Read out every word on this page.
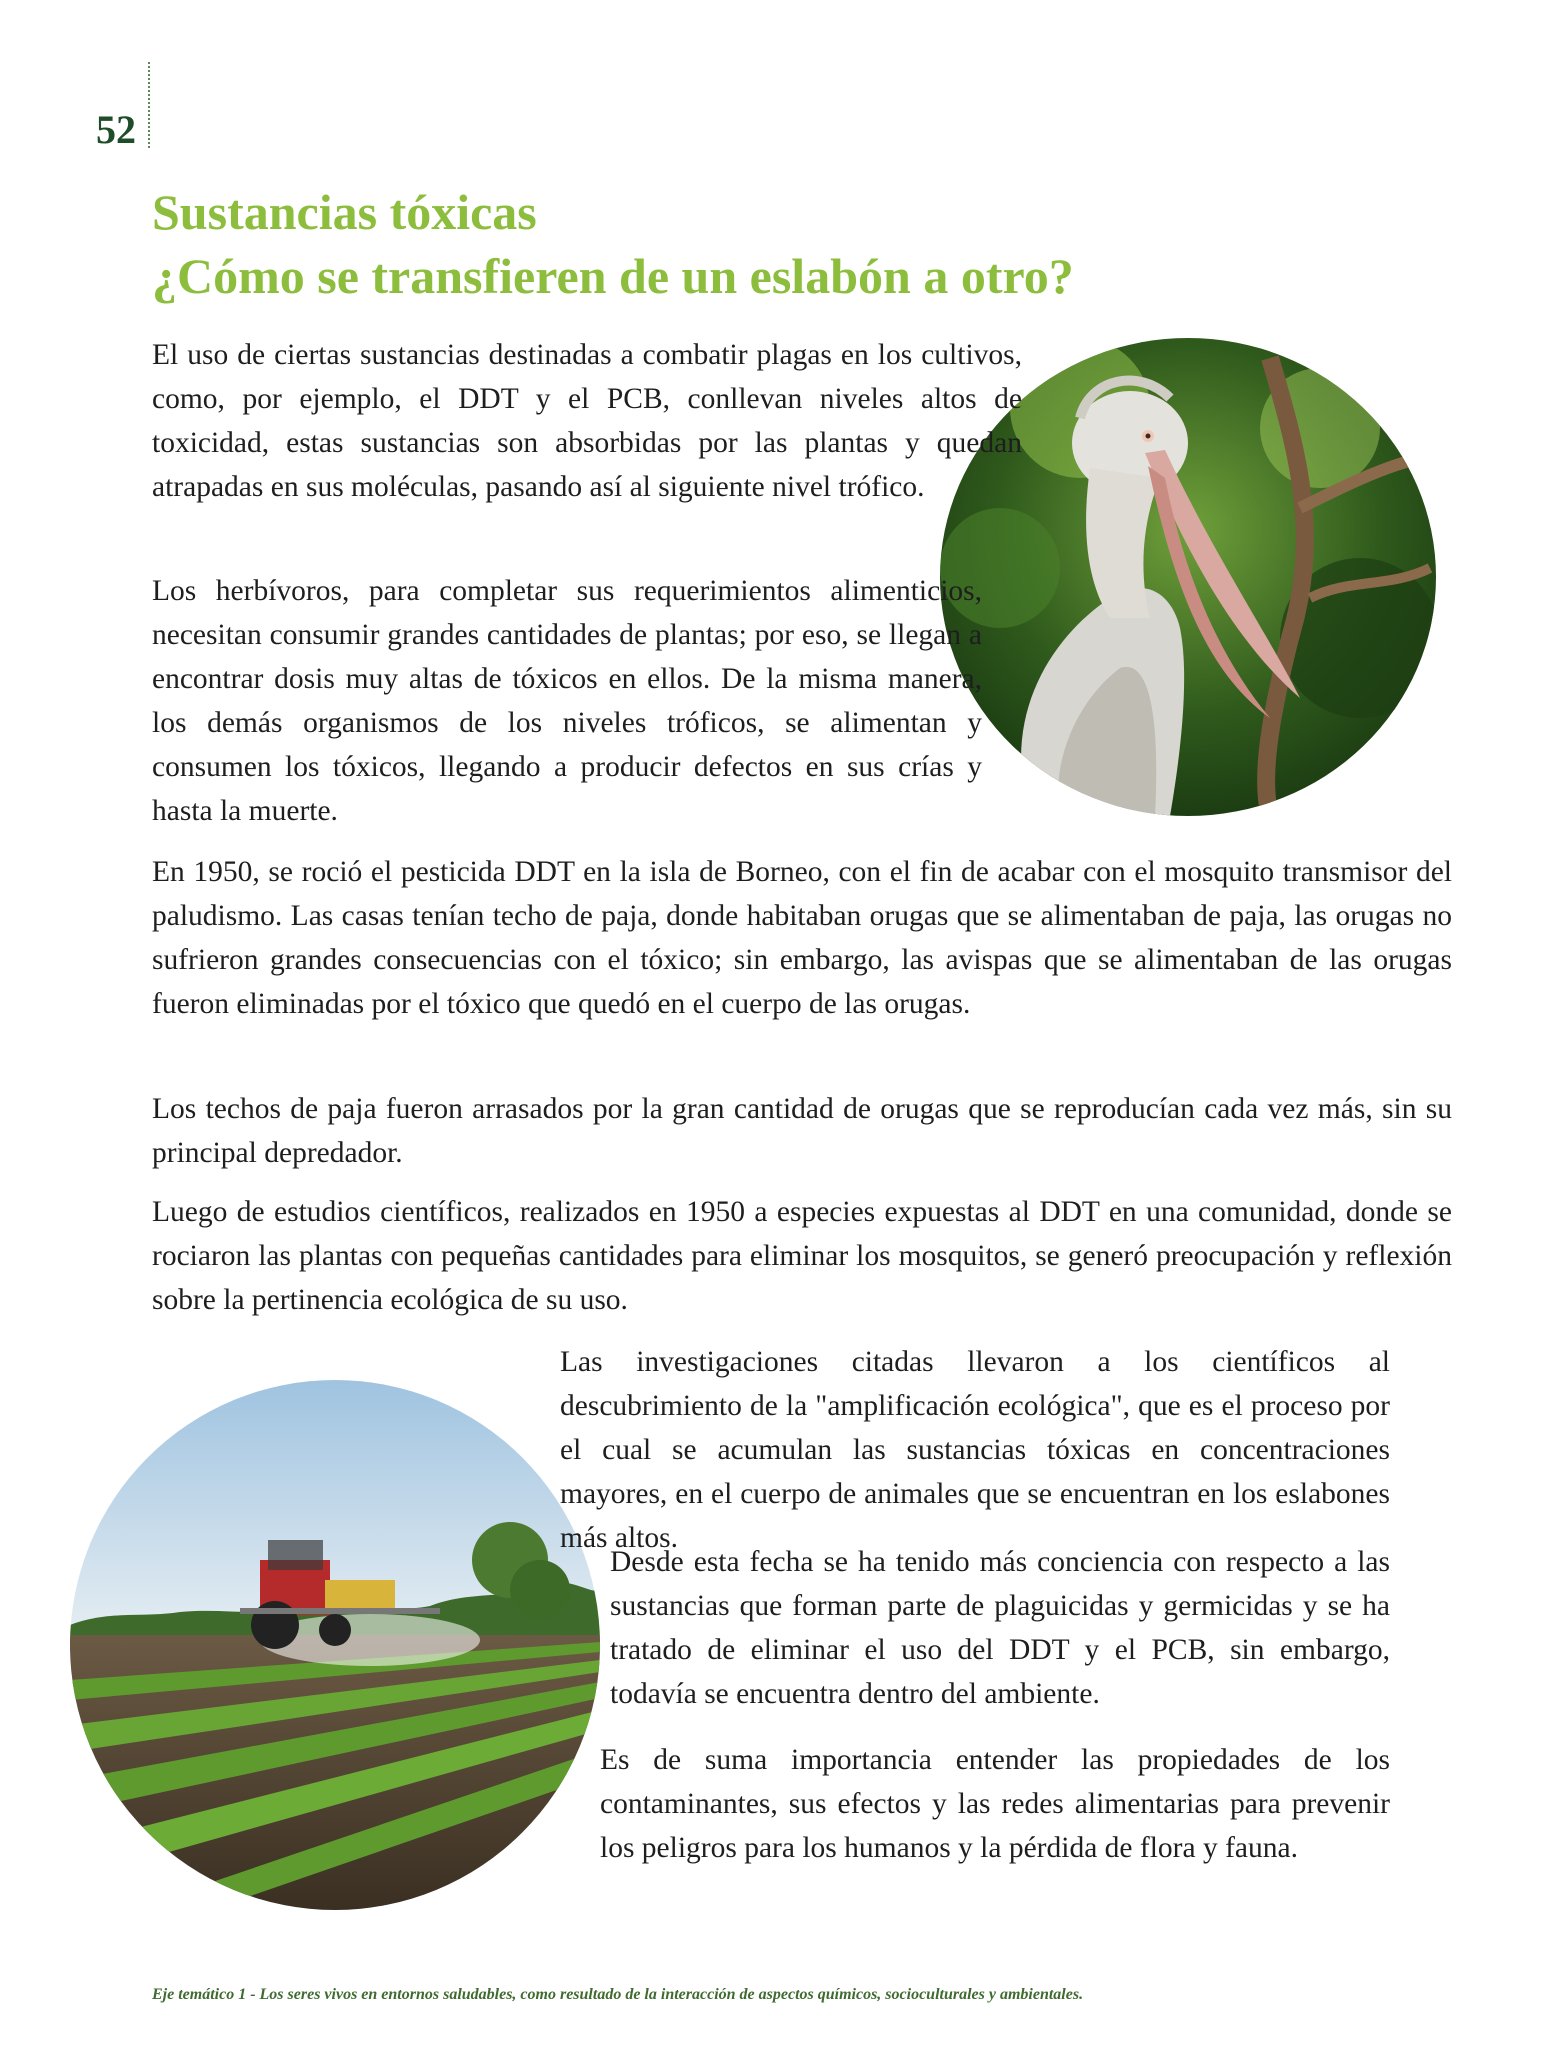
52
Sustancias tóxicas
¿Cómo se transfieren de un eslabón a otro?

El uso de ciertas sustancias destinadas a combatir plagas en los cultivos, como, por ejemplo, el DDT y el PCB, conllevan niveles altos de toxicidad, estas sustancias son absorbidas por las plantas y quedan atrapadas en sus moléculas, pasando así al siguiente nivel trófico.

Los herbívoros, para completar sus requerimientos alimenticios, necesitan consumir grandes cantidades de plantas; por eso, se llegan a encontrar dosis muy altas de tóxicos en ellos. De la misma manera, los demás organismos de los niveles tróficos, se alimentan y consumen los tóxicos, llegando a producir defectos en sus crías y hasta la muerte.

En 1950, se roció el pesticida DDT en la isla de Borneo, con el fin de acabar con el mosquito transmisor del paludismo. Las casas tenían techo de paja, donde habitaban orugas que se alimentaban de paja, las orugas no sufrieron grandes consecuencias con el tóxico; sin embargo, las avispas que se alimentaban de las orugas fueron eliminadas por el tóxico que quedó en el cuerpo de las orugas.

Los techos de paja fueron arrasados por la gran cantidad de orugas que se reproducían cada vez más, sin su principal depredador.

Luego de estudios científicos, realizados en 1950 a especies expuestas al DDT en una comunidad, donde se rociaron las plantas con pequeñas cantidades para eliminar los mosquitos, se generó preocupación y reflexión sobre la pertinencia ecológica de su uso.

Las investigaciones citadas llevaron a los científicos al descubrimiento de la "amplificación ecológica", que es el proceso por el cual se acumulan las sustancias tóxicas en concentraciones mayores, en el cuerpo de animales que se encuentran en los eslabones más altos.

Desde esta fecha se ha tenido más conciencia con respecto a las sustancias que forman parte de plaguicidas y germicidas y se ha tratado de eliminar el uso del DDT y el PCB, sin embargo, todavía se encuentra dentro del ambiente.

Es de suma importancia entender las propiedades de los contaminantes, sus efectos y las redes alimentarias para prevenir los peligros para los humanos y la pérdida de flora y fauna.

Eje temático 1 - Los seres vivos en entornos saludables, como resultado de la interacción de aspectos químicos, socioculturales y ambientales.
